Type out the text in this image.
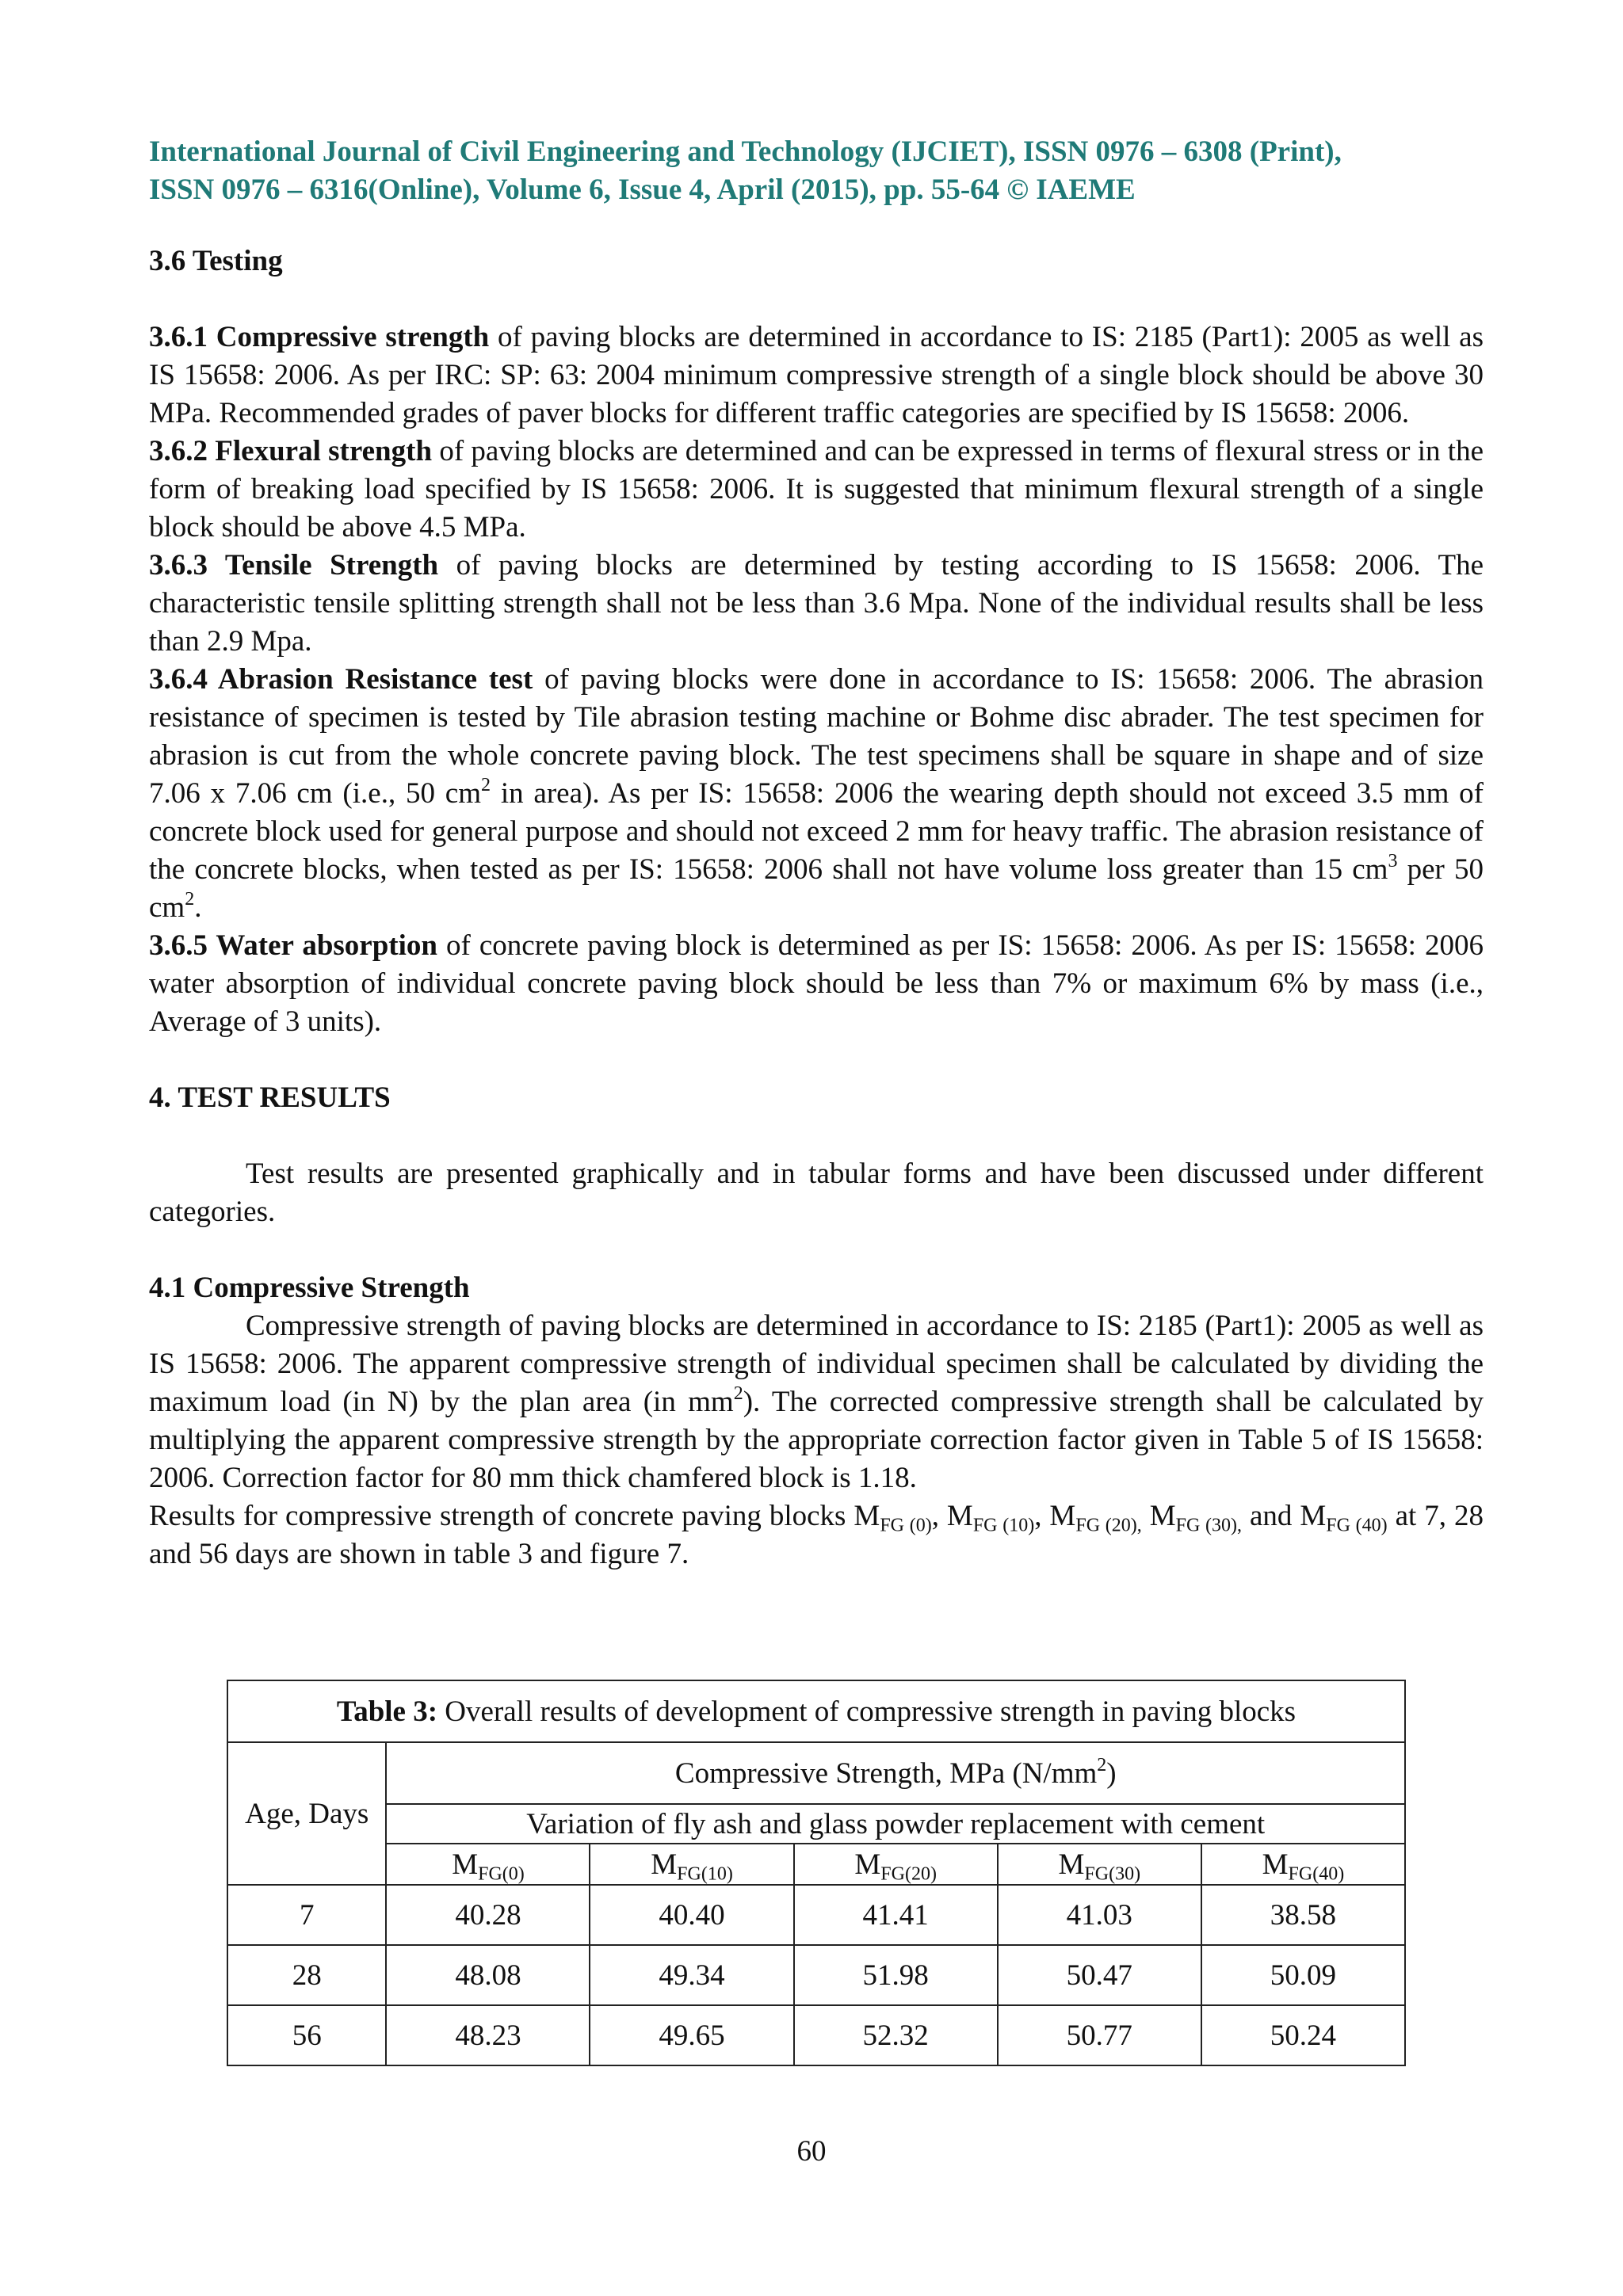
International Journal of Civil Engineering and Technology (IJCIET), ISSN 0976 – 6308 (Print),
ISSN 0976 – 6316(Online), Volume 6, Issue 4, April (2015), pp. 55-64 © IAEME
3.6 Testing

3.6.1 Compressive strength of paving blocks are determined in accordance to IS: 2185 (Part1): 2005 as well as IS 15658: 2006. As per IRC: SP: 63: 2004 minimum compressive strength of a single block should be above 30 MPa. Recommended grades of paver blocks for different traffic categories are specified by IS 15658: 2006.

3.6.2 Flexural strength of paving blocks are determined and can be expressed in terms of flexural stress or in the form of breaking load specified by IS 15658: 2006. It is suggested that minimum flexural strength of a single block should be above 4.5 MPa.

3.6.3 Tensile Strength of paving blocks are determined by testing according to IS 15658: 2006. The characteristic tensile splitting strength shall not be less than 3.6 Mpa. None of the individual results shall be less than 2.9 Mpa.

3.6.4 Abrasion Resistance test of paving blocks were done in accordance to IS: 15658: 2006. The abrasion resistance of specimen is tested by Tile abrasion testing machine or Bohme disc abrader. The test specimen for abrasion is cut from the whole concrete paving block. The test specimens shall be square in shape and of size 7.06 x 7.06 cm (i.e., 50 $cm^2$ in area). As per IS: 15658: 2006 the wearing depth should not exceed 3.5 mm of concrete block used for general purpose and should not exceed 2 mm for heavy traffic. The abrasion resistance of the concrete blocks, when tested as per IS: 15658: 2006 shall not have volume loss greater than 15 $cm^3$ per 50 $cm^2$.

3.6.5 Water absorption of concrete paving block is determined as per IS: 15658: 2006. As per IS: 15658: 2006 water absorption of individual concrete paving block should be less than 7% or maximum 6% by mass (i.e., Average of 3 units).

4. TEST RESULTS

Test results are presented graphically and in tabular forms and have been discussed under different categories.

4.1 Compressive Strength

Compressive strength of paving blocks are determined in accordance to IS: 2185 (Part1): 2005 as well as IS 15658: 2006. The apparent compressive strength of individual specimen shall be calculated by dividing the maximum load (in N) by the plan area (in $mm^2$). The corrected compressive strength shall be calculated by multiplying the apparent compressive strength by the appropriate correction factor given in Table 5 of IS 15658: 2006. Correction factor for 80 mm thick chamfered block is 1.18.

Results for compressive strength of concrete paving blocks $M_{FG (0)}$, $M_{FG (10)}$, $M_{FG (20),}$ $M_{FG (30),}$ and $M_{FG (40)}$ at 7, 28 and 56 days are shown in table 3 and figure 7.

Table 3: Overall results of development of compressive strength in paving blocks					
Age, Days	Compressive Strength, MPa $(N/mm^2)$				
	Variation of fly ash and glass powder replacement with cement				
	$M_{FG(0)}$	$M_{FG(10)}$	$M_{FG(20)}$	$M_{FG(30)}$	$M_{FG(40)}$
7	40.28	40.40	41.41	41.03	38.58
28	48.08	49.34	51.98	50.47	50.09
56	48.23	49.65	52.32	50.77	50.24
60
